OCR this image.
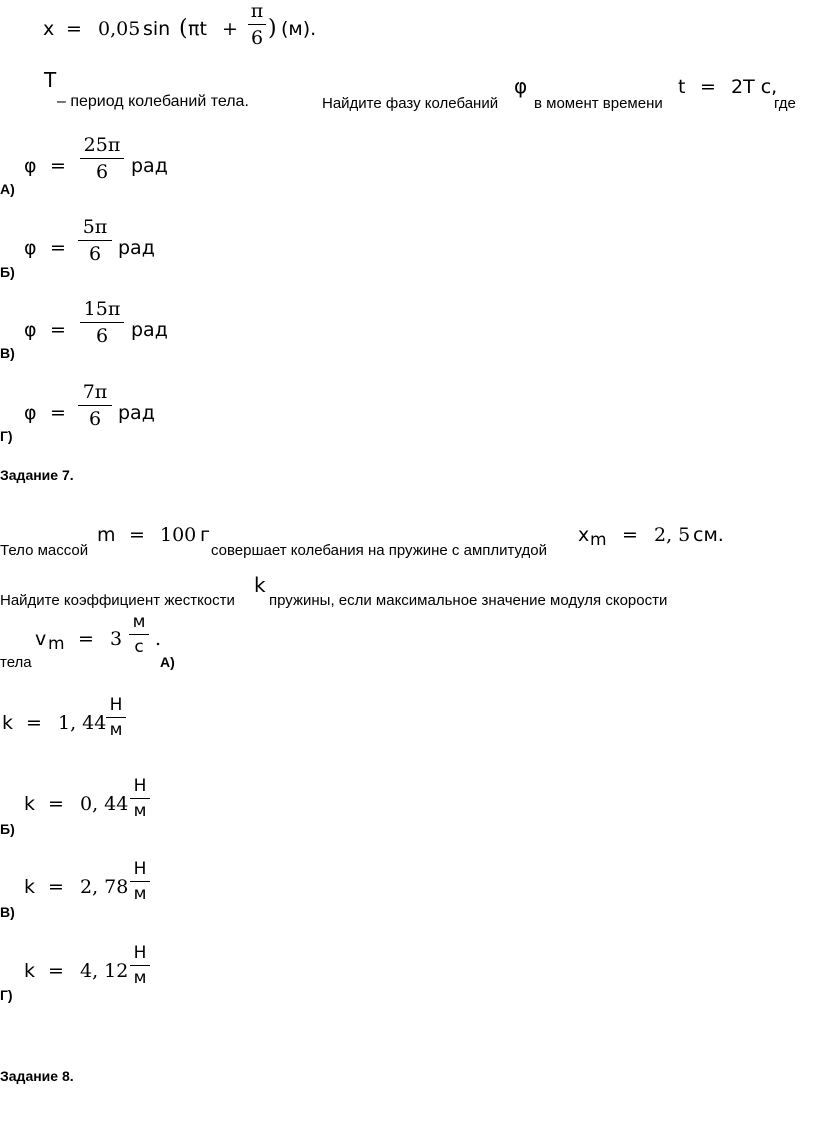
x = 0,05 sin ( πt +
π
6 ) (м).
T
– период колебаний тела.	Найдите фазу колебаний
φ
в момент времени
t = 2T с,
где
φ =
25π
6 рад
А)
φ =
5π
6 рад
Б)
φ =
15π
6 рад
В)
φ =
7π
6 рад
Г)
Задание 7.
Тело массой
m = 100 г
совершает колебания на пружине с амплитудой
x m = 2, 5 см.
Найдите коэффициент жесткости
k
пружины, если максимальное значение модуля скорости
тела
v m = 3
м
с .
А)
k = 1, 44
Н
м
k = 0, 44
Н
м
Б)
k = 2, 78
Н
м
В)
k = 4, 12
Н
м
Г)
Задание 8.
